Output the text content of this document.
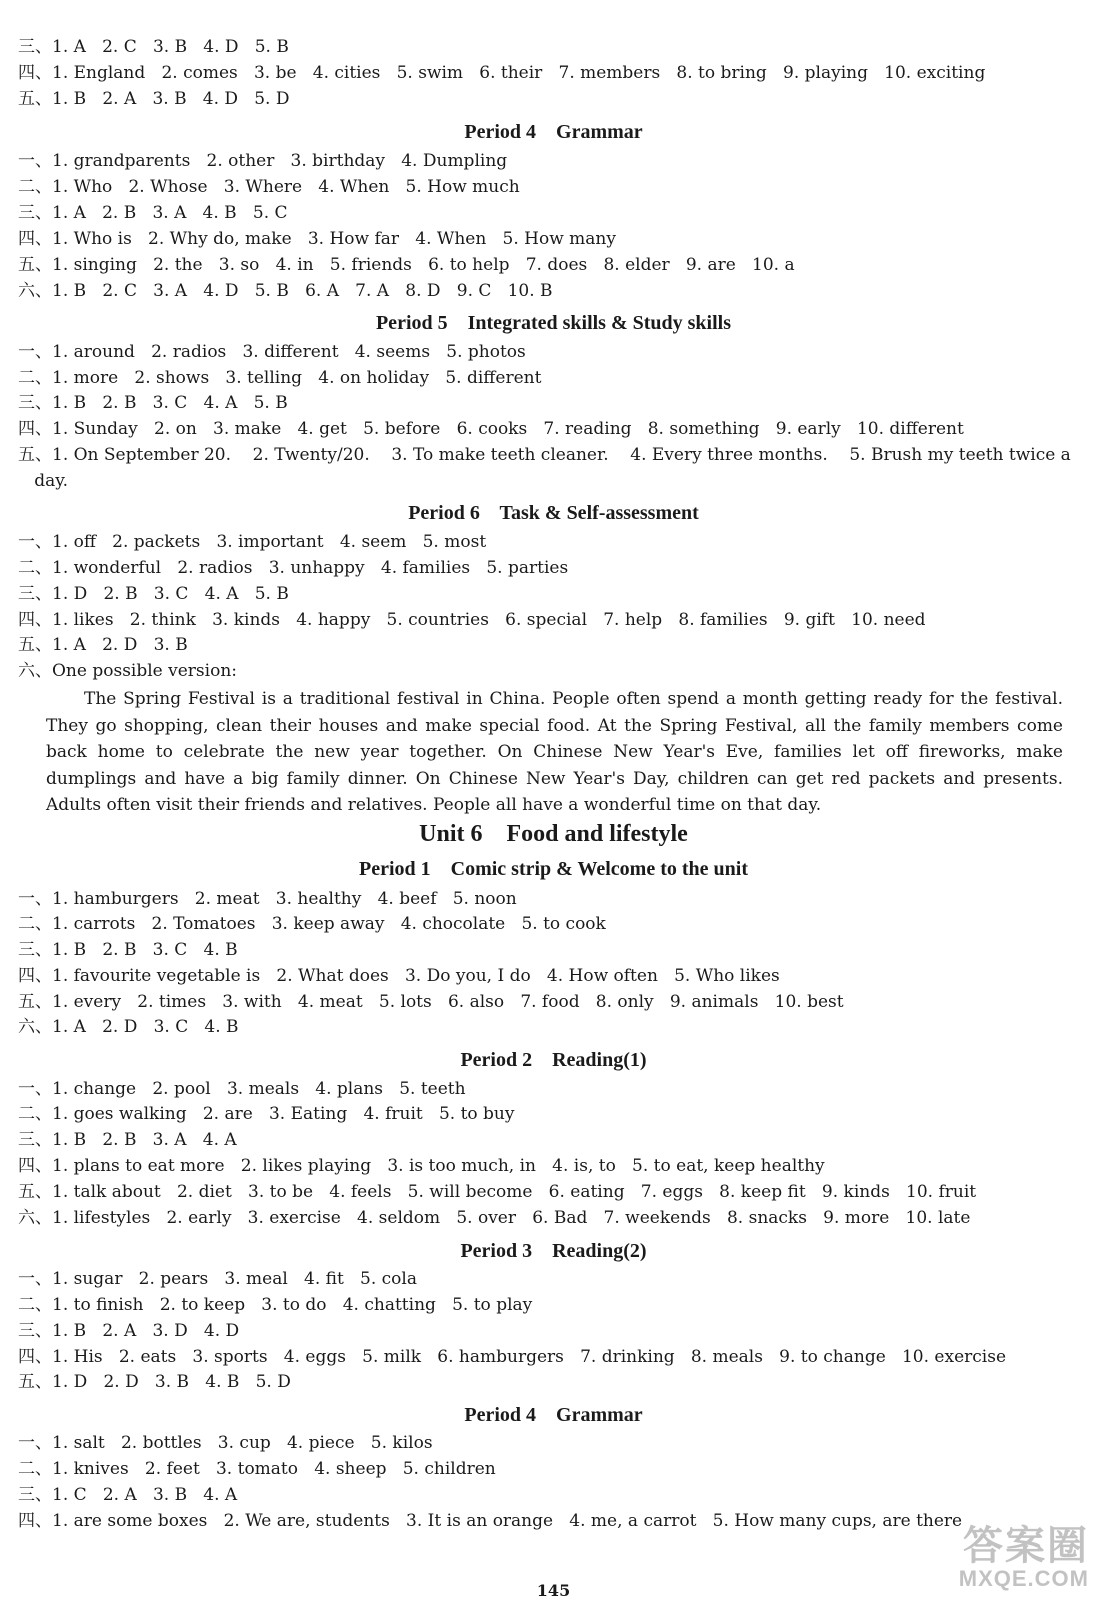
145
答案圈
MXQE.COM
三、1. A   2. C   3. B   4. D   5. B
四、1. England   2. comes   3. be   4. cities   5. swim   6. their   7. members   8. to bring   9. playing   10. exciting
五、1. B   2. A   3. B   4. D   5. D
Period 4    Grammar
一、1. grandparents   2. other   3. birthday   4. Dumpling
二、1. Who   2. Whose   3. Where   4. When   5. How much
三、1. A   2. B   3. A   4. B   5. C
四、1. Who is   2. Why do, make   3. How far   4. When   5. How many
五、1. singing   2. the   3. so   4. in   5. friends   6. to help   7. does   8. elder   9. are   10. a
六、1. B   2. C   3. A   4. D   5. B   6. A   7. A   8. D   9. C   10. B
Period 5    Integrated skills & Study skills
一、1. around   2. radios   3. different   4. seems   5. photos
二、1. more   2. shows   3. telling   4. on holiday   5. different
三、1. B   2. B   3. C   4. A   5. B
四、1. Sunday   2. on   3. make   4. get   5. before   6. cooks   7. reading   8. something   9. early   10. different
五、1. On September 20.    2. Twenty/20.    3. To make teeth cleaner.    4. Every three months.    5. Brush my teeth twice a
day.
Period 6    Task & Self-assessment
一、1. off   2. packets   3. important   4. seem   5. most
二、1. wonderful   2. radios   3. unhappy   4. families   5. parties
三、1. D   2. B   3. C   4. A   5. B
四、1. likes   2. think   3. kinds   4. happy   5. countries   6. special   7. help   8. families   9. gift   10. need
五、1. A   2. D   3. B
六、One possible version:
The Spring Festival is a traditional festival in China. People often spend a month getting ready for the festival. They go shopping, clean their houses and make special food. At the Spring Festival, all the family members come back home to celebrate the new year together. On Chinese New Year's Eve, families let off fireworks, make dumplings and have a big family dinner. On Chinese New Year's Day, children can get red packets and presents. Adults often visit their friends and relatives. People all have a wonderful time on that day.
Unit 6    Food and lifestyle
Period 1    Comic strip & Welcome to the unit
一、1. hamburgers   2. meat   3. healthy   4. beef   5. noon
二、1. carrots   2. Tomatoes   3. keep away   4. chocolate   5. to cook
三、1. B   2. B   3. C   4. B
四、1. favourite vegetable is   2. What does   3. Do you, I do   4. How often   5. Who likes
五、1. every   2. times   3. with   4. meat   5. lots   6. also   7. food   8. only   9. animals   10. best
六、1. A   2. D   3. C   4. B
Period 2    Reading(1)
一、1. change   2. pool   3. meals   4. plans   5. teeth
二、1. goes walking   2. are   3. Eating   4. fruit   5. to buy
三、1. B   2. B   3. A   4. A
四、1. plans to eat more   2. likes playing   3. is too much, in   4. is, to   5. to eat, keep healthy
五、1. talk about   2. diet   3. to be   4. feels   5. will become   6. eating   7. eggs   8. keep fit   9. kinds   10. fruit
六、1. lifestyles   2. early   3. exercise   4. seldom   5. over   6. Bad   7. weekends   8. snacks   9. more   10. late
Period 3    Reading(2)
一、1. sugar   2. pears   3. meal   4. fit   5. cola
二、1. to finish   2. to keep   3. to do   4. chatting   5. to play
三、1. B   2. A   3. D   4. D
四、1. His   2. eats   3. sports   4. eggs   5. milk   6. hamburgers   7. drinking   8. meals   9. to change   10. exercise
五、1. D   2. D   3. B   4. B   5. D
Period 4    Grammar
一、1. salt   2. bottles   3. cup   4. piece   5. kilos
二、1. knives   2. feet   3. tomato   4. sheep   5. children
三、1. C   2. A   3. B   4. A
四、1. are some boxes   2. We are, students   3. It is an orange   4. me, a carrot   5. How many cups, are there
